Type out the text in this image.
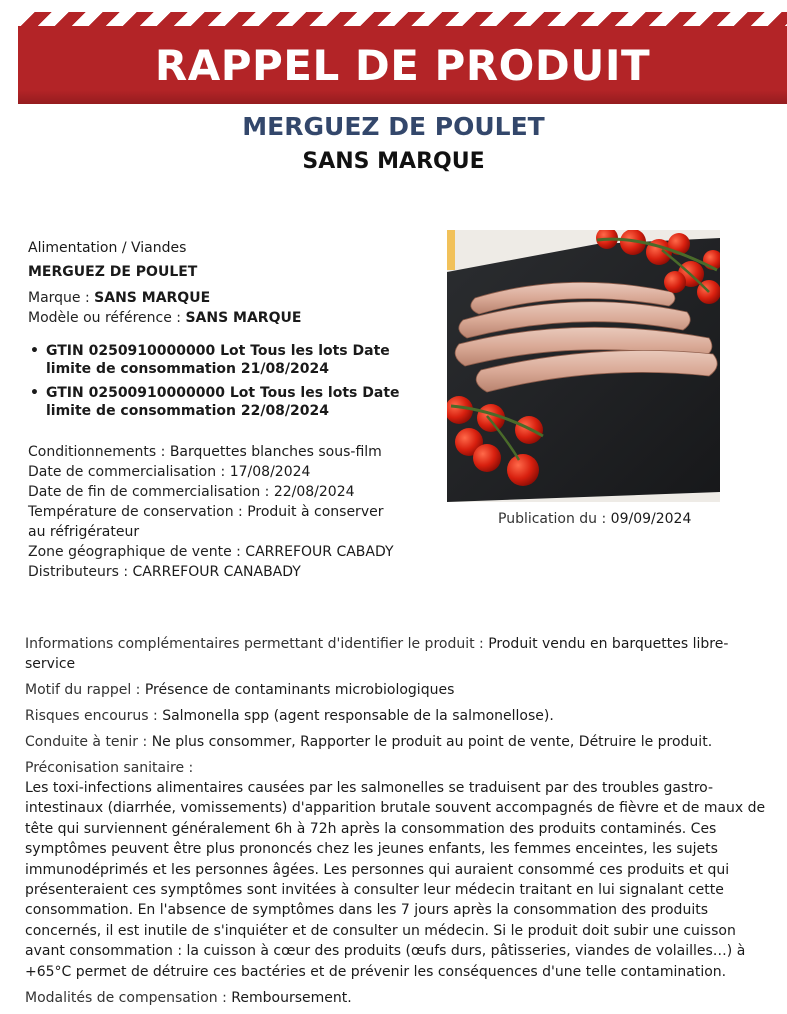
RAPPEL DE PRODUIT
MERGUEZ DE POULET
SANS MARQUE

Alimentation / Viandes

MERGUEZ DE POULET

Marque : SANS MARQUE

Modèle ou référence : SANS MARQUE

• GTIN 0250910000000 Lot Tous les lots Date limite de consommation 21/08/2024
• GTIN 02500910000000 Lot Tous les lots Date limite de consommation 22/08/2024

Conditionnements : Barquettes blanches sous-film

Date de commercialisation : 17/08/2024

Date de fin de commercialisation : 22/08/2024

Température de conservation : Produit à conserver au réfrigérateur

Zone géographique de vente : CARREFOUR CABADY

Distributeurs : CARREFOUR CANABADY

Publication du : 09/09/2024

Informations complémentaires permettant d'identifier le produit : Produit vendu en barquettes libre-service

Motif du rappel : Présence de contaminants microbiologiques

Risques encourus : Salmonella spp (agent responsable de la salmonellose).

Conduite à tenir : Ne plus consommer, Rapporter le produit au point de vente, Détruire le produit.

Préconisation sanitaire :

Les toxi-infections alimentaires causées par les salmonelles se traduisent par des troubles gastro-intestinaux (diarrhée, vomissements) d'apparition brutale souvent accompagnés de fièvre et de maux de tête qui surviennent généralement 6h à 72h après la consommation des produits contaminés. Ces symptômes peuvent être plus prononcés chez les jeunes enfants, les femmes enceintes, les sujets immunodéprimés et les personnes âgées. Les personnes qui auraient consommé ces produits et qui présenteraient ces symptômes sont invitées à consulter leur médecin traitant en lui signalant cette consommation. En l'absence de symptômes dans les 7 jours après la consommation des produits concernés, il est inutile de s'inquiéter et de consulter un médecin. Si le produit doit subir une cuisson avant consommation : la cuisson à cœur des produits (œufs durs, pâtisseries, viandes de volailles…) à +65°C permet de détruire ces bactéries et de prévenir les conséquences d'une telle contamination.

Modalités de compensation : Remboursement.
